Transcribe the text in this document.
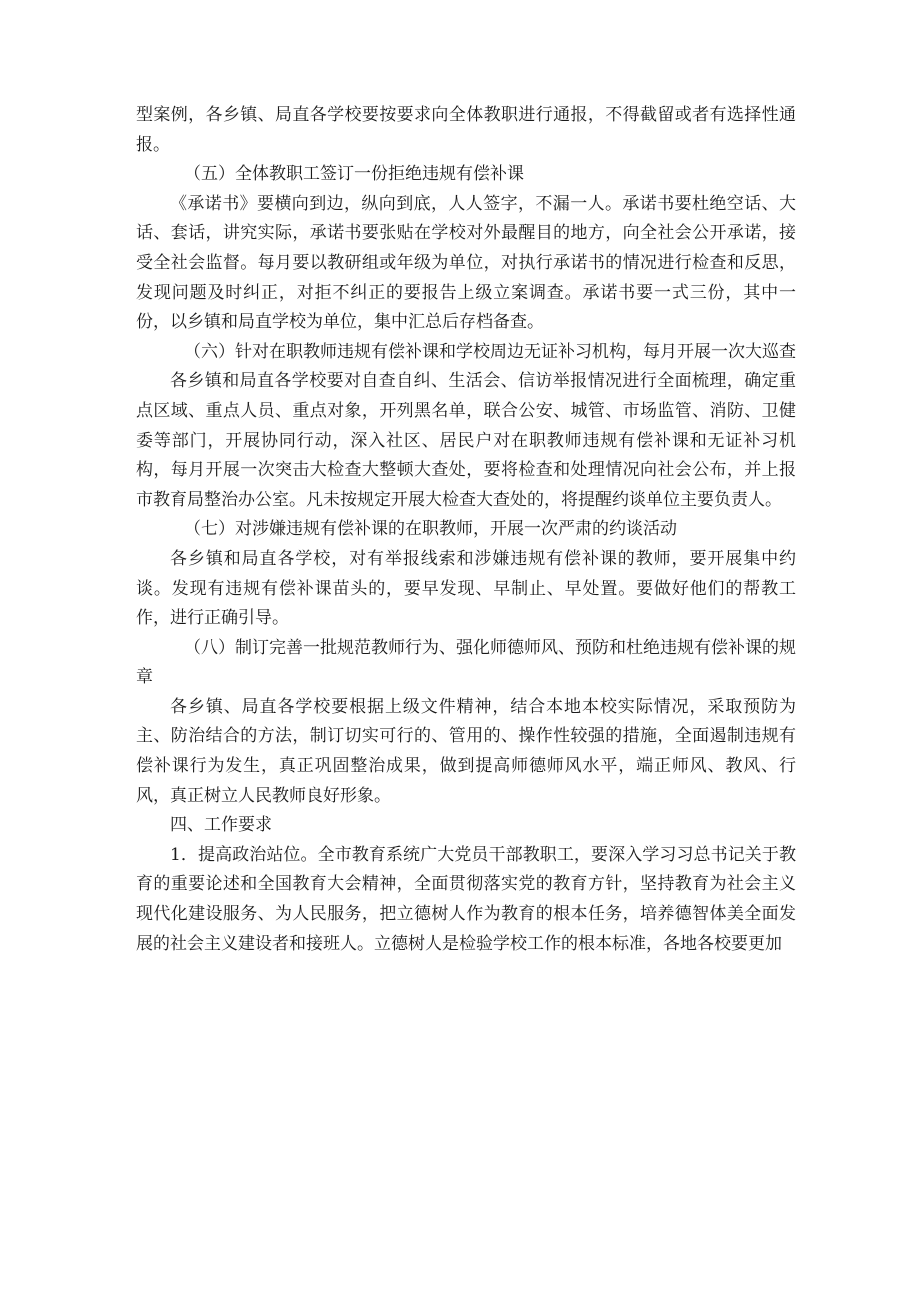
型案例，各乡镇、局直各学校要按要求向全体教职进行通报，不得截留或者有选择性通报。

（五）全体教职工签订一份拒绝违规有偿补课

《承诺书》要横向到边，纵向到底，人人签字，不漏一人。承诺书要杜绝空话、大话、套话，讲究实际，承诺书要张贴在学校对外最醒目的地方，向全社会公开承诺，接受全社会监督。每月要以教研组或年级为单位，对执行承诺书的情况进行检查和反思，发现问题及时纠正，对拒不纠正的要报告上级立案调查。承诺书要一式三份，其中一份，以乡镇和局直学校为单位，集中汇总后存档备查。

（六）针对在职教师违规有偿补课和学校周边无证补习机构，每月开展一次大巡查

各乡镇和局直各学校要对自查自纠、生活会、信访举报情况进行全面梳理，确定重点区域、重点人员、重点对象，开列黑名单，联合公安、城管、市场监管、消防、卫健委等部门，开展协同行动，深入社区、居民户对在职教师违规有偿补课和无证补习机构，每月开展一次突击大检查大整顿大查处，要将检查和处理情况向社会公布，并上报市教育局整治办公室。凡未按规定开展大检查大查处的，将提醒约谈单位主要负责人。

（七）对涉嫌违规有偿补课的在职教师，开展一次严肃的约谈活动

各乡镇和局直各学校，对有举报线索和涉嫌违规有偿补课的教师，要开展集中约谈。发现有违规有偿补课苗头的，要早发现、早制止、早处置。要做好他们的帮教工作，进行正确引导。

（八）制订完善一批规范教师行为、强化师德师风、预防和杜绝违规有偿补课的规章

各乡镇、局直各学校要根据上级文件精神，结合本地本校实际情况，采取预防为主、防治结合的方法，制订切实可行的、管用的、操作性较强的措施，全面遏制违规有偿补课行为发生，真正巩固整治成果，做到提高师德师风水平，端正师风、教风、行风，真正树立人民教师良好形象。

四、工作要求

1．提高政治站位。全市教育系统广大党员干部教职工，要深入学习习总书记关于教育的重要论述和全国教育大会精神，全面贯彻落实党的教育方针，坚持教育为社会主义现代化建设服务、为人民服务，把立德树人作为教育的根本任务，培养德智体美全面发展的社会主义建设者和接班人。立德树人是检验学校工作的根本标准，各地各校要更加
